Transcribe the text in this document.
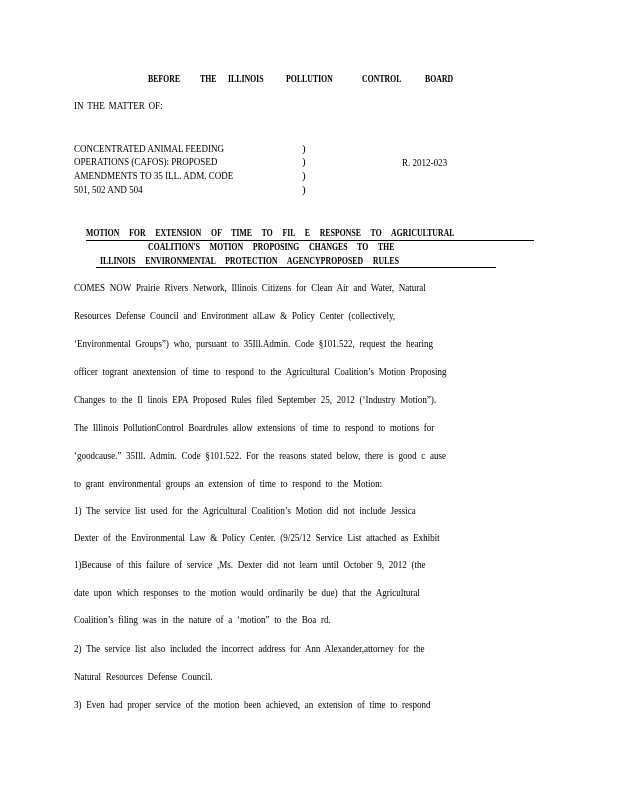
BEFORE THE ILLINOIS POLLUTION	CONTROL BOARD
IN THE MATTER OF:
CONCENTRATED ANIMAL FEEDING
OPERATIONS (CAFOS): PROPOSED
AMENDMENTS TO 35 ILL. ADM. CODE
501, 502 AND 504
)
)
)
)
R. 2012-023
MOTION FOR EXTENSION OF TIME TO FIL E RESPONSE TO AGRICULTURAL
COALITION'S MOTION PROPOSING CHANGES TO THE
ILLINOIS ENVIRONMENTAL PROTECTION AGENCYPROPOSED RULES
COMES NOW Prairie Rivers Network, Illinois Citizens for Clean Air and Water, Natural
Resources Defense Council and Environment alLaw & Policy Center (collectively,
‘Environmental Groups”) who, pursuant to 35Ill.Admin. Code §101.522, request the hearing
officer togrant anextension of time to respond to the Agricultural Coalition’s Motion Proposing
Changes to the Il linois EPA Proposed Rules filed September 25, 2012 (‘Industry Motion”).
The Illinois PollutionControl Boardrules allow extensions of time to respond to motions for
‘goodcause.” 35Ill. Admin. Code §101.522. For the reasons stated below, there is good c ause
to grant environmental groups an extension of time to respond to the Motion:
1) The service list used for the Agricultural Coalition’s Motion did not include Jessica
Dexter of the Environmental Law & Policy Center. (9/25/12 Service List attached as Exhibit
1)Because of this failure of service ,Ms. Dexter did not learn until October 9, 2012 (the
date upon which responses to the motion would ordinarily be due) that the Agricultural
Coalition’s filing was in the nature of a ‘motion” to the Boa rd.
2) The service list also included the incorrect address for Ann Alexander,attorney for the
Natural Resources Defense Council.
3) Even had proper service of the motion been achieved, an extension of time to respond
